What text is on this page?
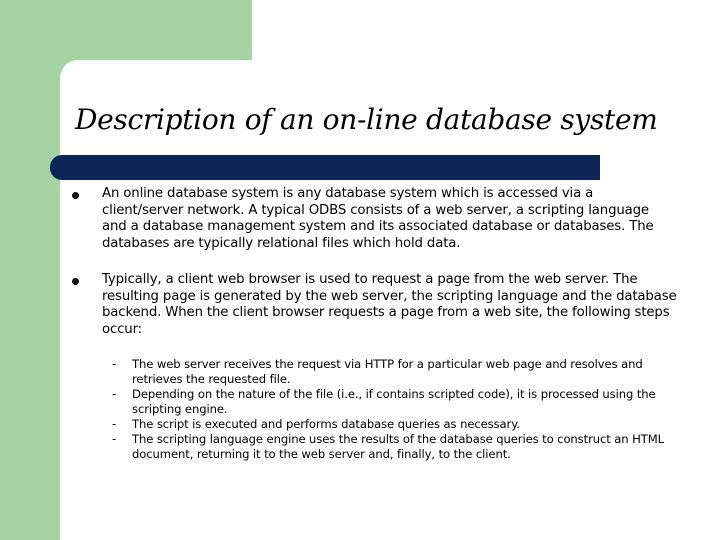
Description of an on-line database system
An online database system is any database system which is accessed via a client/server network. A typical ODBS consists of a web server, a scripting language and a database management system and its associated database or databases. The databases are typically relational files which hold data.
Typically, a client web browser is used to request a page from the web server. The resulting page is generated by the web server, the scripting language and the database backend. When the client browser requests a page from a web site, the following steps occur:
- The web server receives the request via HTTP for a particular web page and resolves and retrieves the requested file.
- Depending on the nature of the file (i.e., if contains scripted code), it is processed using the scripting engine.
- The script is executed and performs database queries as necessary.
- The scripting language engine uses the results of the database queries to construct an HTML document, returning it to the web server and, finally, to the client.
